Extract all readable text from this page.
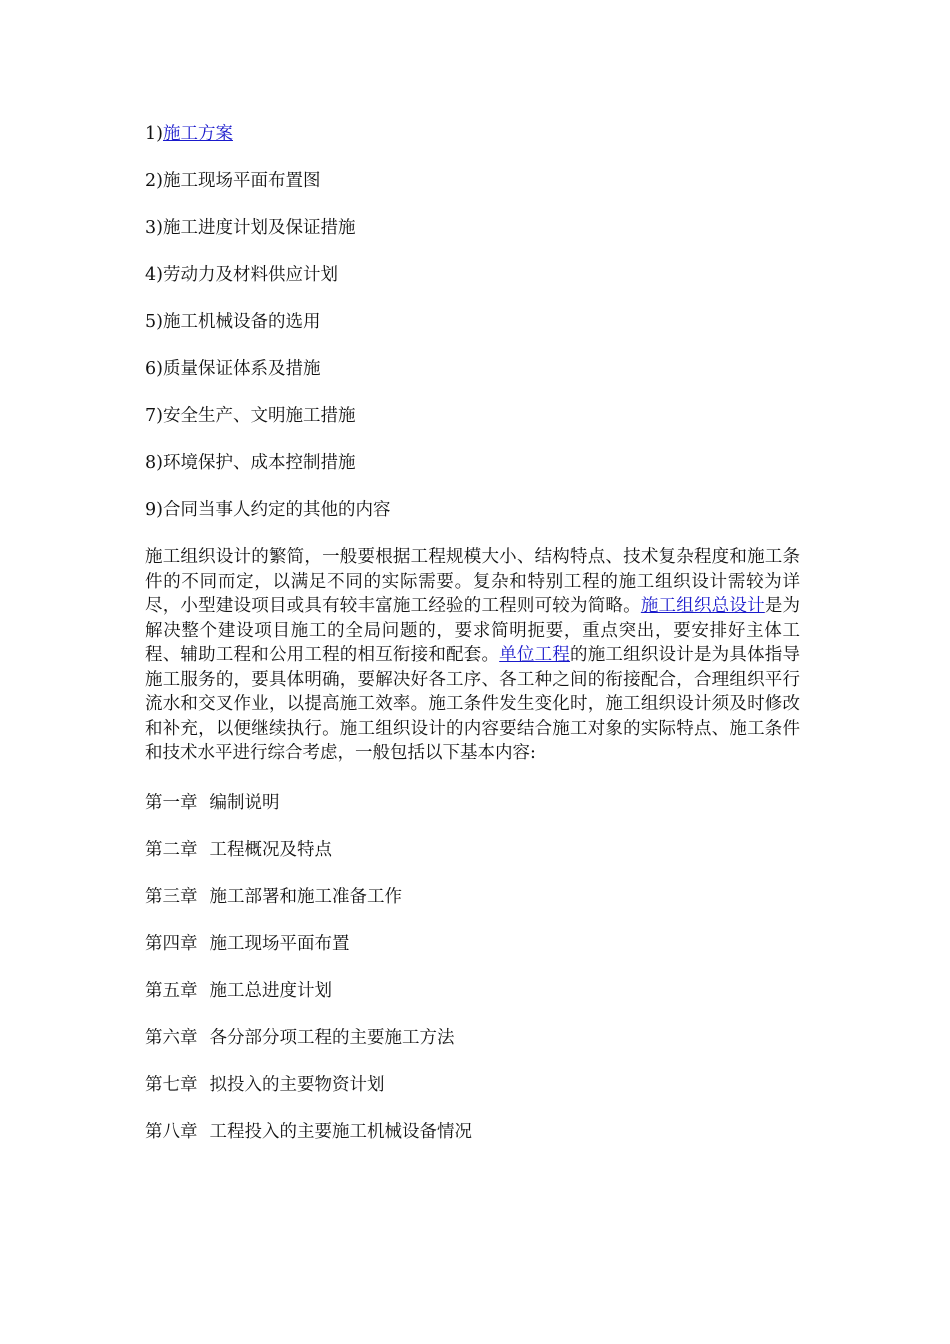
1)施工方案

2)施工现场平面布置图

3)施工进度计划及保证措施

4)劳动力及材料供应计划

5)施工机械设备的选用

6)质量保证体系及措施

7)安全生产、文明施工措施

8)环境保护、成本控制措施

9)合同当事人约定的其他的内容

施工组织设计的繁简，一般要根据工程规模大小、结构特点、技术复杂程度和施工条件的不同而定，以满足不同的实际需要。复杂和特别工程的施工组织设计需较为详尽，小型建设项目或具有较丰富施工经验的工程则可较为简略。施工组织总设计是为解决整个建设项目施工的全局问题的，要求简明扼要，重点突出，要安排好主体工程、辅助工程和公用工程的相互衔接和配套。单位工程的施工组织设计是为具体指导施工服务的，要具体明确，要解决好各工序、各工种之间的衔接配合，合理组织平行流水和交叉作业，以提高施工效率。施工条件发生变化时，施工组织设计须及时修改和补充，以便继续执行。施工组织设计的内容要结合施工对象的实际特点、施工条件和技术水平进行综合考虑，一般包括以下基本内容:

第一章 编制说明

第二章 工程概况及特点

第三章 施工部署和施工准备工作

第四章 施工现场平面布置

第五章 施工总进度计划

第六章 各分部分项工程的主要施工方法

第七章 拟投入的主要物资计划

第八章 工程投入的主要施工机械设备情况
